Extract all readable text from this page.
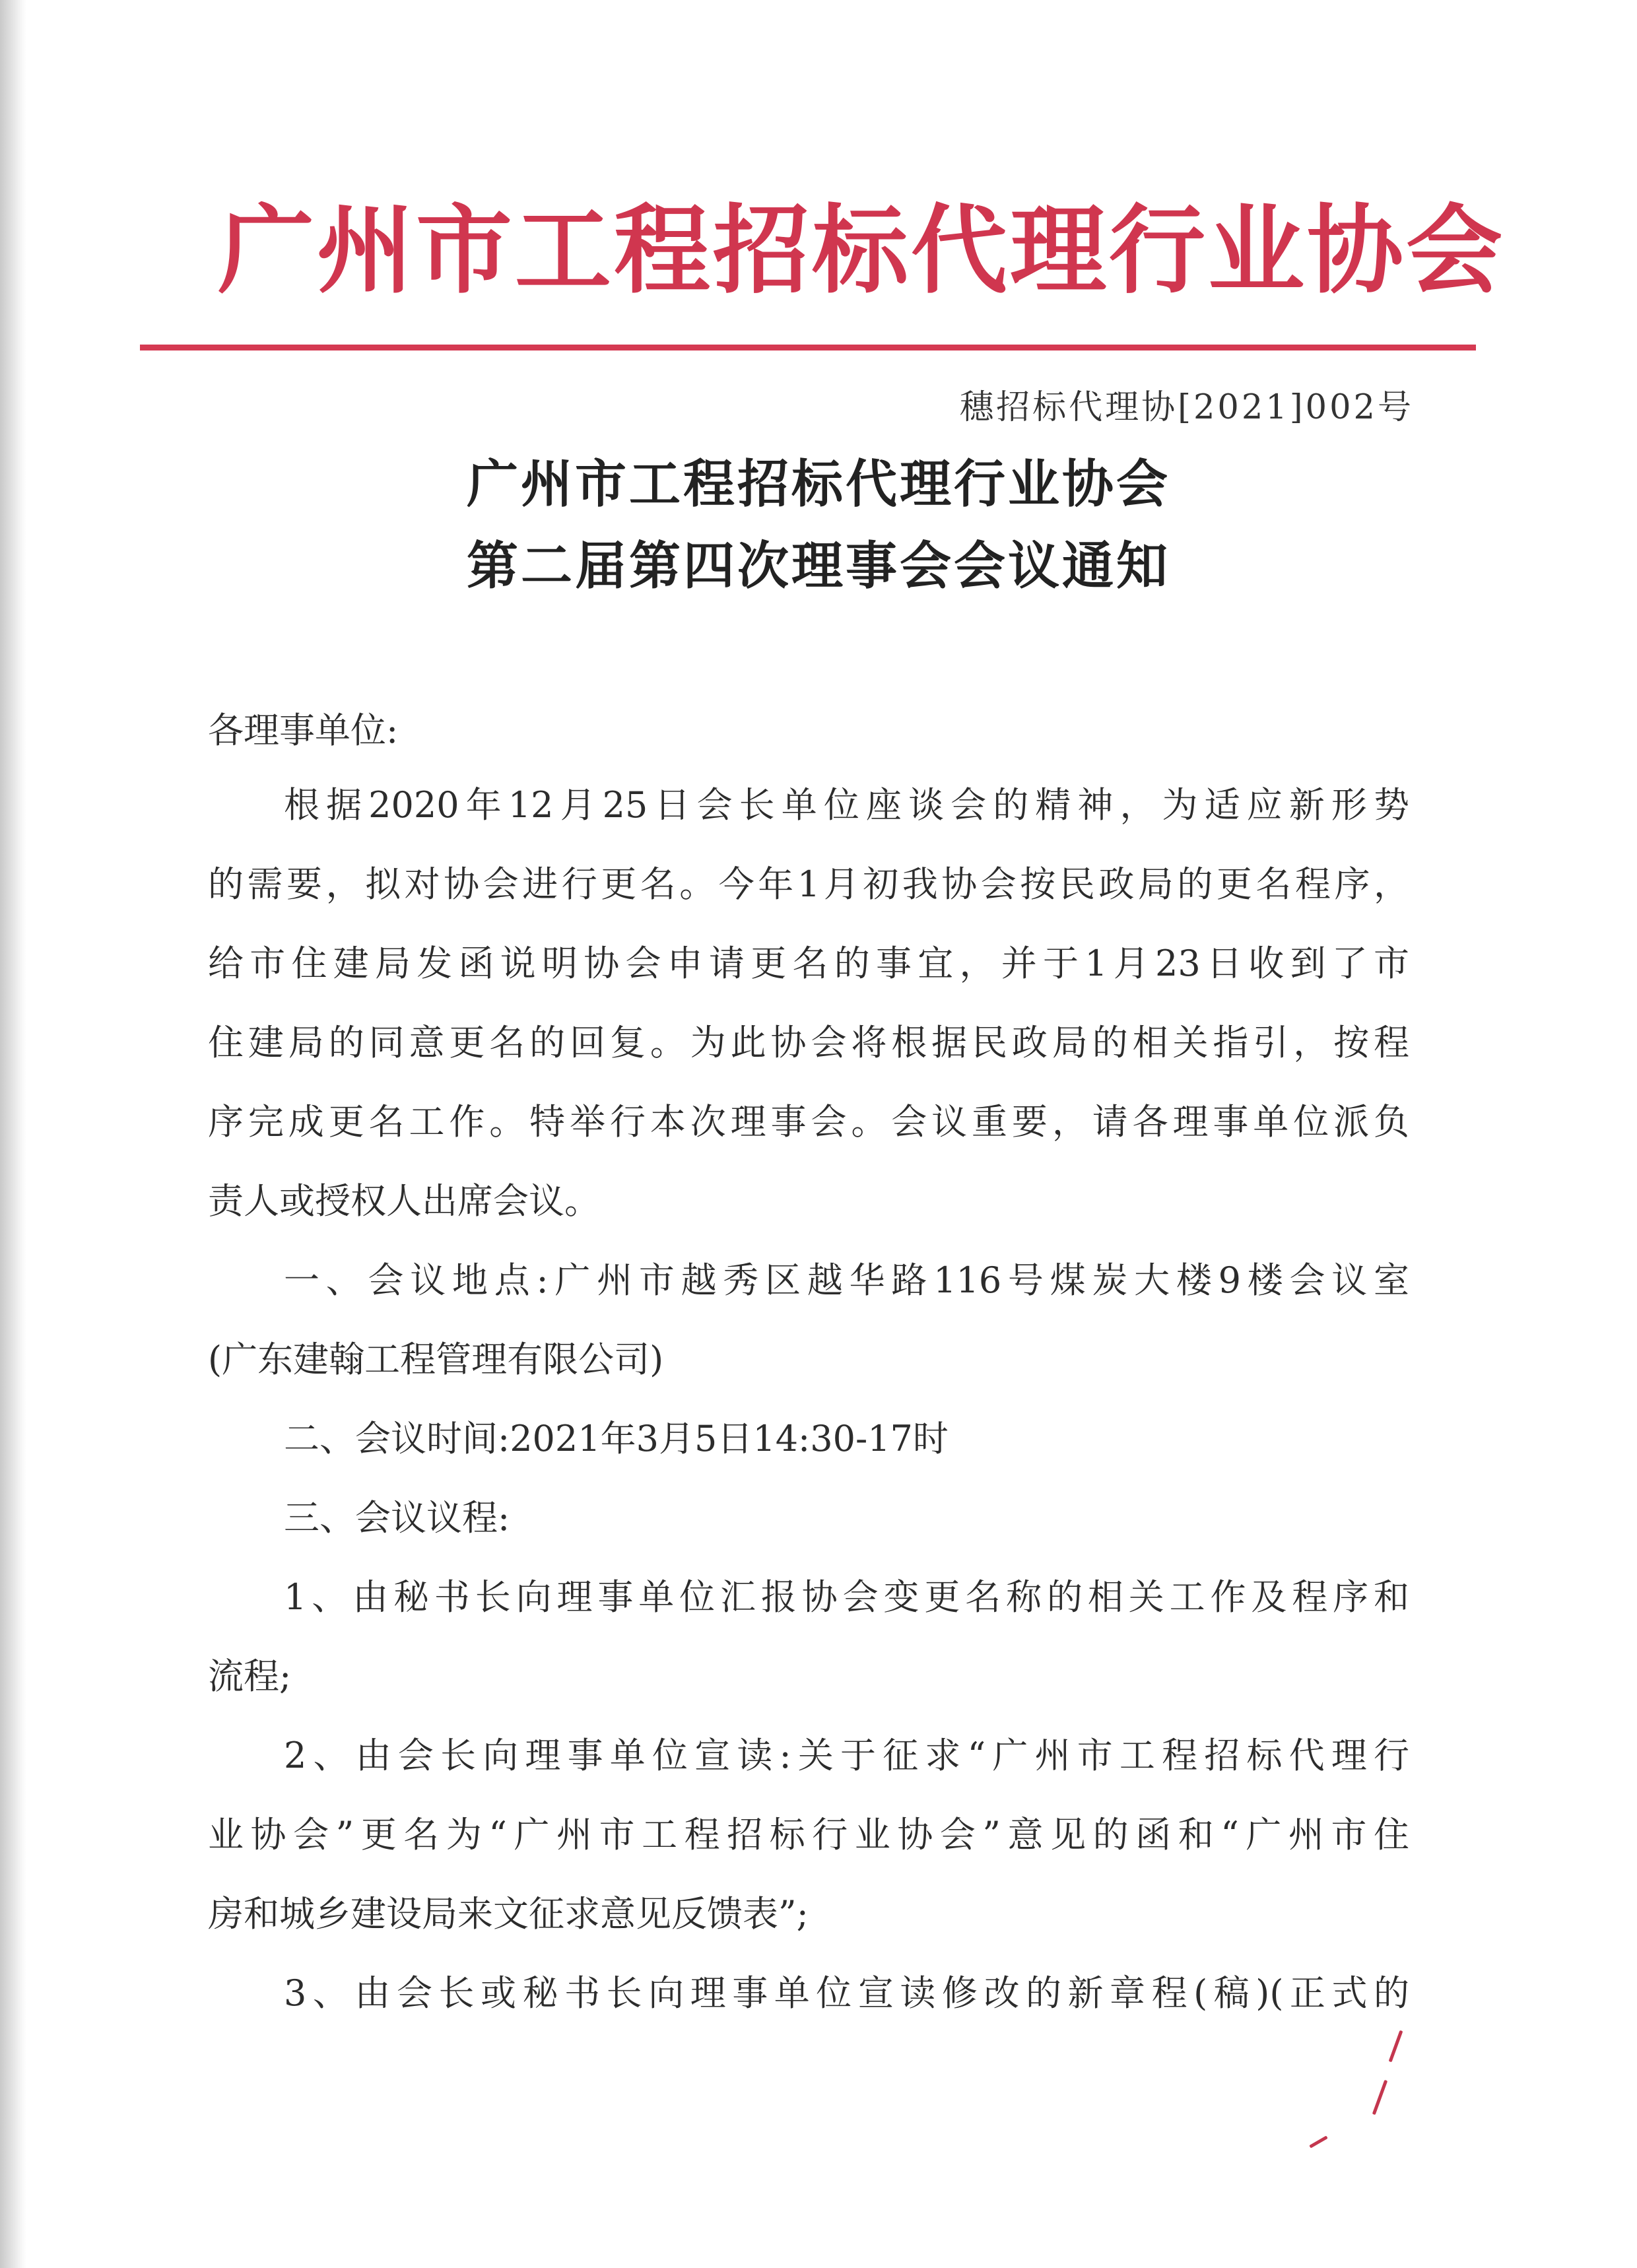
广州市工程招标代理行业协会
穗招标代理协[2021]002号
广州市工程招标代理行业协会
第二届第四次理事会会议通知
各理事单位:
根据2020年12月25日会长单位座谈会的精神，为适应新形势
的需要，拟对协会进行更名。今年1月初我协会按民政局的更名程序，
给市住建局发函说明协会申请更名的事宜，并于1月23日收到了市
住建局的同意更名的回复。为此协会将根据民政局的相关指引，按程
序完成更名工作。特举行本次理事会。会议重要，请各理事单位派负
责人或授权人出席会议。
一、会议地点:广州市越秀区越华路116号煤炭大楼9楼会议室
(广东建翰工程管理有限公司)
二、会议时间:2021年3月5日14:30-17时
三、会议议程:
1、由秘书长向理事单位汇报协会变更名称的相关工作及程序和
流程;
2、由会长向理事单位宣读:关于征求“广州市工程招标代理行
业协会”更名为“广州市工程招标行业协会”意见的函和“广州市住
房和城乡建设局来文征求意见反馈表”;
3、由会长或秘书长向理事单位宣读修改的新章程(稿)(正式的
